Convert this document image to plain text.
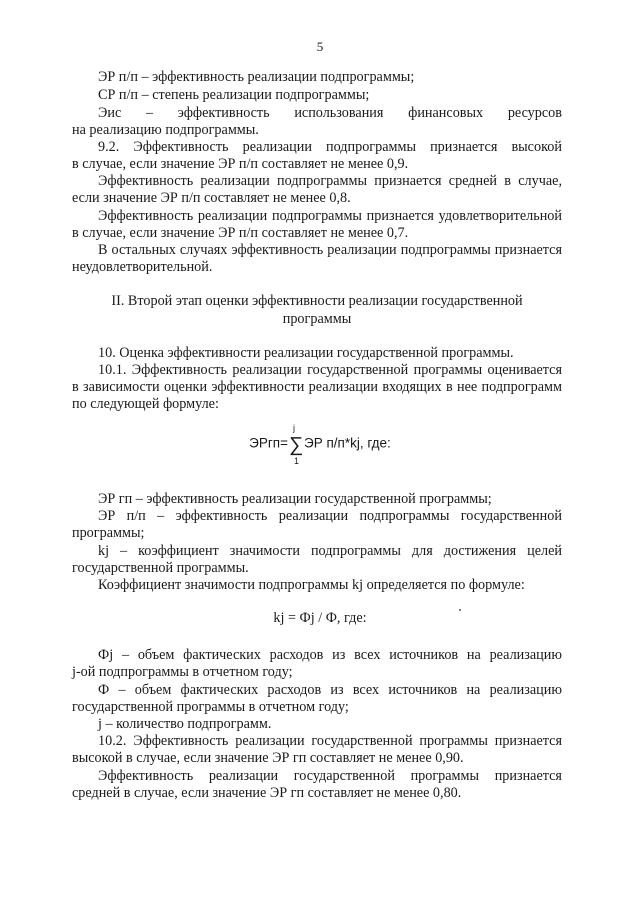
5
ЭР п/п – эффективность реализации подпрограммы;
СР п/п – степень реализации подпрограммы;
Эис – эффективность использования финансовых ресурсов
на реализацию подпрограммы.
9.2. Эффективность реализации подпрограммы признается высокой
в случае, если значение ЭР п/п составляет не менее 0,9.
Эффективность реализации подпрограммы признается средней в случае,
если значение ЭР п/п составляет не менее 0,8.
Эффективность реализации подпрограммы признается удовлетворительной
в случае, если значение ЭР п/п составляет не менее 0,7.
В остальных случаях эффективность реализации подпрограммы признается
неудовлетворительной.
II. Второй этап оценки эффективности реализации государственной
программы
10. Оценка эффективности реализации государственной программы.
10.1. Эффективность реализации государственной программы оценивается
в зависимости оценки эффективности реализации входящих в нее подпрограмм
по следующей формуле:
ЭРгп=
j
∑
1
ЭР п/п*kj, где:
ЭР гп – эффективность реализации государственной программы;
ЭР п/п – эффективность реализации подпрограммы государственной
программы;
kj – коэффициент значимости подпрограммы для достижения целей
государственной программы.
Коэффициент значимости подпрограммы kj определяется по формуле:
kj = Фj / Ф, где:
Фj – объем фактических расходов из всех источников на реализацию
j-ой подпрограммы в отчетном году;
Ф – объем фактических расходов из всех источников на реализацию
государственной программы в отчетном году;
j – количество подпрограмм.
10.2. Эффективность реализации государственной программы признается
высокой в случае, если значение ЭР гп составляет не менее 0,90.
Эффективность реализации государственной программы признается
средней в случае, если значение ЭР гп составляет не менее 0,80.
